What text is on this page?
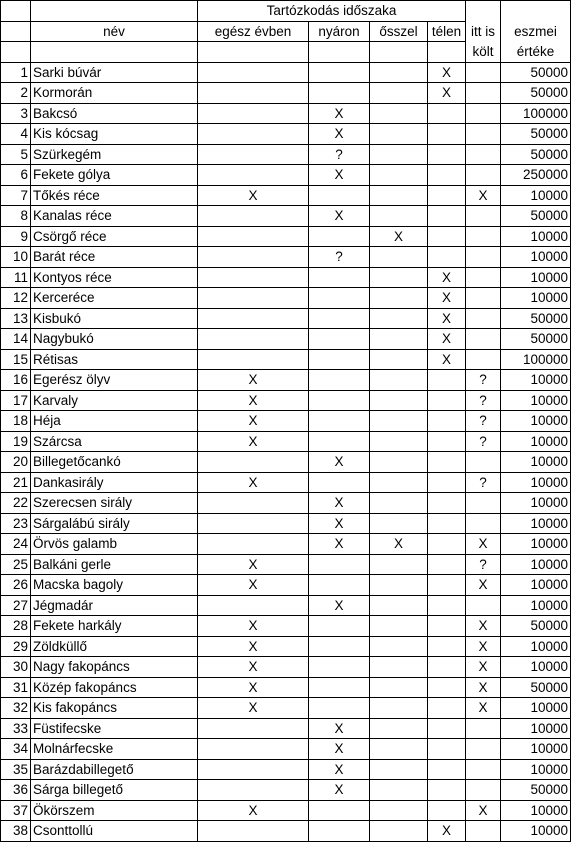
		Tartózkodás időszaka					
	név	egész évben	nyáron	ősszel	télen	itt is	eszmei
						költ	értéke
1	Sarki búvár				X		50000
2	Kormorán				X		50000
3	Bakcsó		X				100000
4	Kis kócsag		X				50000
5	Szürkegém		?				50000
6	Fekete gólya		X				250000
7	Tőkés réce	X				X	10000
8	Kanalas réce		X				50000
9	Csörgő réce			X			10000
10	Barát réce		?				10000
11	Kontyos réce				X		10000
12	Kercerécе				X		10000
13	Kisbukó				X		50000
14	Nagybukó				X		50000
15	Rétisas				X		100000
16	Egerész ölyv	X				?	10000
17	Karvaly	X				?	10000
18	Héja	X				?	10000
19	Szárcsa	X				?	10000
20	Billegetőcankó		X				10000
21	Dankasirály	X				?	10000
22	Szerecsen sirály		X				10000
23	Sárgalábú sirály		X				10000
24	Örvös galamb		X	X		X	10000
25	Balkáni gerle	X				?	10000
26	Macska bagoly	X				X	10000
27	Jégmadár		X				10000
28	Fekete harkály	X				X	50000
29	Zöldküllő	X				X	10000
30	Nagy fakopáncs	X				X	10000
31	Közép fakopáncs	X				X	50000
32	Kis fakopáncs	X				X	10000
33	Füstifecske		X				10000
34	Molnárfecske		X				10000
35	Barázdabillegető		X				10000
36	Sárga billegető		X				50000
37	Ökörszem	X				X	10000
38	Csonttollú				X		10000
